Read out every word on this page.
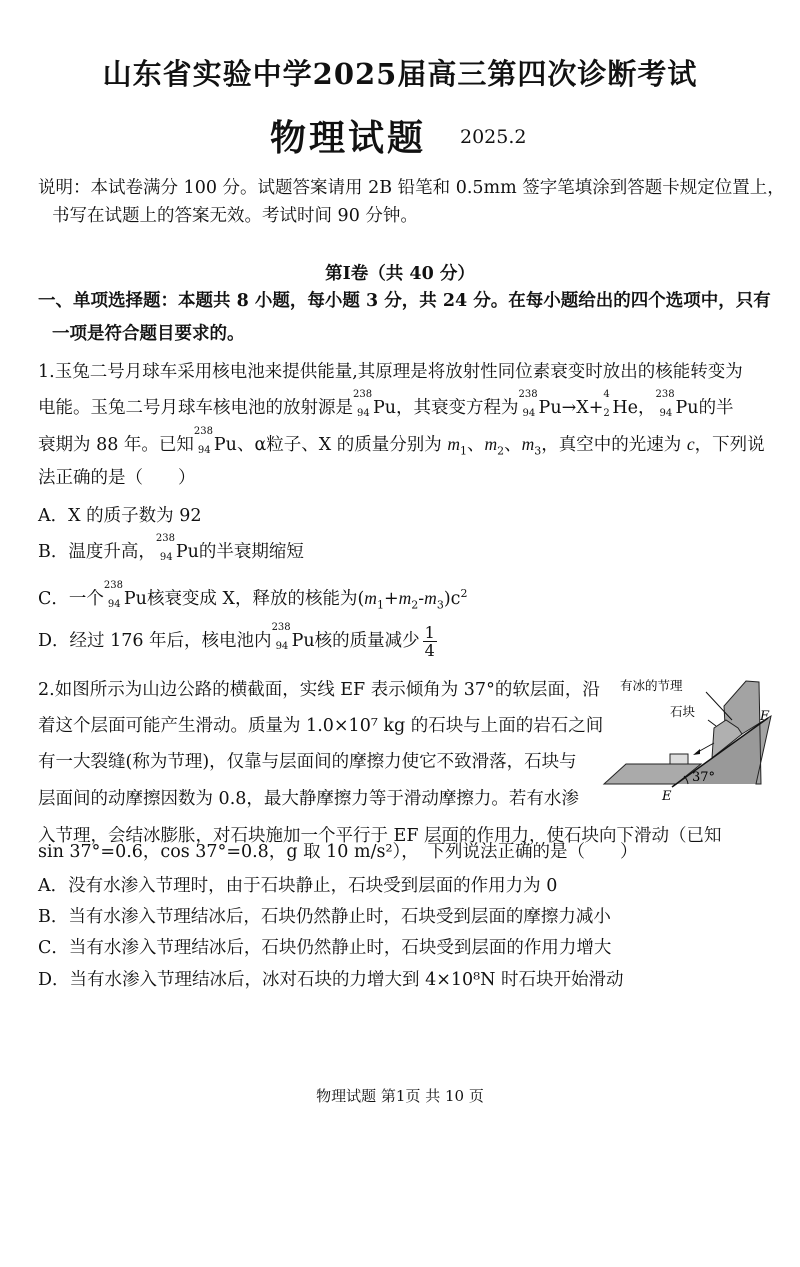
山东省实验中学2025届高三第四次诊断考试
物理试题 2025.2
说明：本试卷满分 100 分。试题答案请用 2B 铅笔和 0.5mm 签字笔填涂到答题卡规定位置上，
书写在试题上的答案无效。考试时间 90 分钟。
第Ⅰ卷（共 40 分）
一、单项选择题：本题共 8 小题，每小题 3 分，共 24 分。在每小题给出的四个选项中，只有
一项是符合题目要求的。
1.玉兔二号月球车采用核电池来提供能量,其原理是将放射性同位素衰变时放出的核能转变为
电能。玉兔二号月球车核电池的放射源是
238
94 Pu，其衰变方程为
238
94 Pu→X+
4
2 He，
238
94 Pu的半
衰期为 88 年。已知
238
94 Pu、α粒子、X 的质量分别为 $m_1$、$m_2$、$m_3$，真空中的光速为 c，下列说
法正确的是（　　）
A．X 的质子数为 92
B．温度升高，
238
94 Pu的半衰期缩短
C．一个
238
94 Pu核衰变成 X，释放的核能为$(m_1+m_2-m_3)c^2$
D．经过 176 年后，核电池内
238
94 Pu核的质量减少 $\frac{1}{4}$
2.如图所示为山边公路的横截面，实线 EF 表示倾角为 37°的软层面，沿
着这个层面可能产生滑动。质量为 1.0×10⁷ kg 的石块与上面的岩石之间
有一大裂缝(称为节理)，仅靠与层面间的摩擦力使它不致滑落，石块与
层面间的动摩擦因数为 0.8，最大静摩擦力等于滑动摩擦力。若有水渗
入节理，会结冰膨胀，对石块施加一个平行于 EF 层面的作用力，使石块向下滑动（已知
sin 37°=0.6，cos 37°=0.8，g 取 10 m/s²），　下列说法正确的是（　　）
A．没有水渗入节理时，由于石块静止，石块受到层面的作用力为 0
B．当有水渗入节理结冰后，石块仍然静止时，石块受到层面的摩擦力减小
C．当有水渗入节理结冰后，石块仍然静止时，石块受到层面的作用力增大
D．当有水渗入节理结冰后，冰对石块的力增大到 4×10⁸N 时石块开始滑动
有冰的节理
石块	F
E
37°
物理试题 第1页 共 10 页
